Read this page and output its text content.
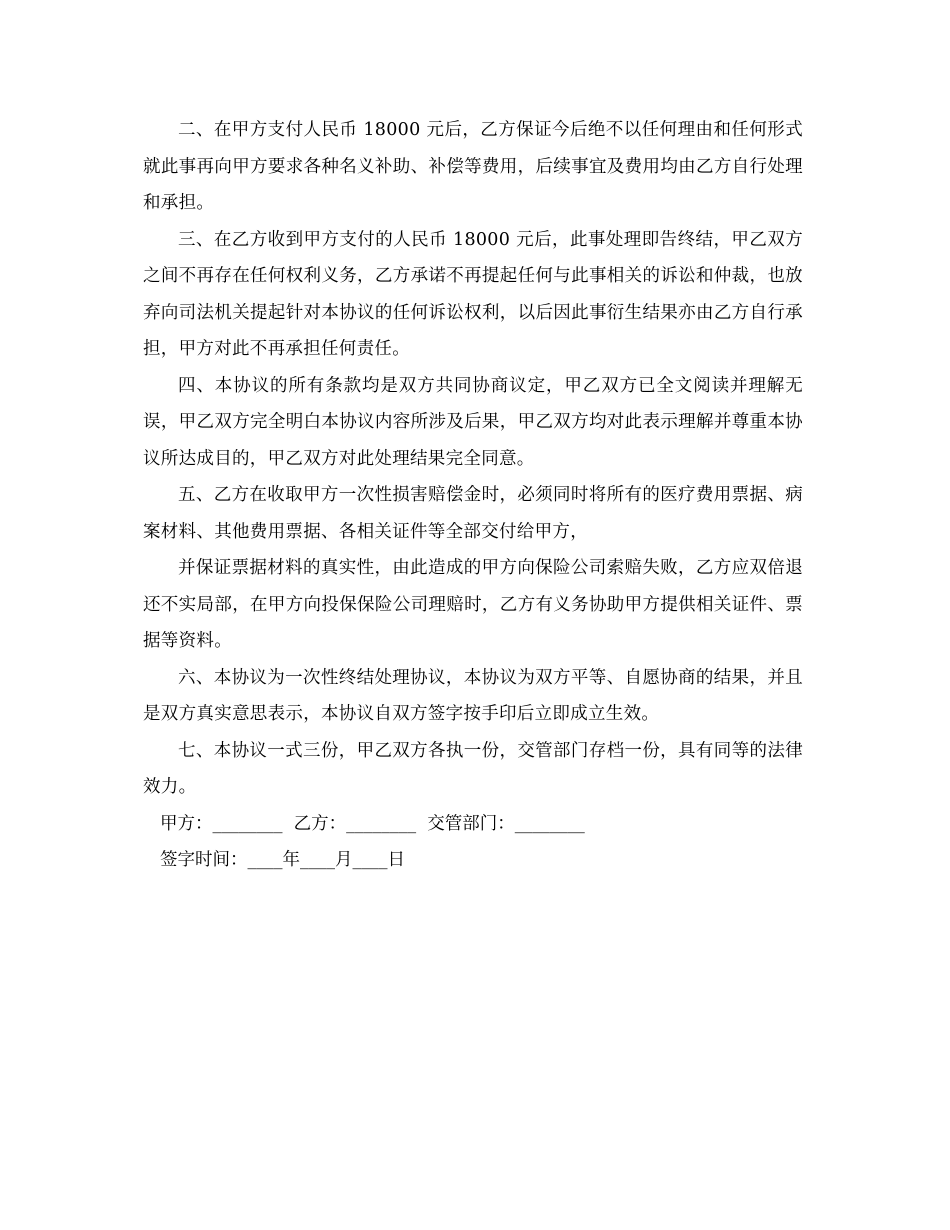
二、在甲方支付人民币 18000 元后，乙方保证今后绝不以任何理由和任何形式就此事再向甲方要求各种名义补助、补偿等费用，后续事宜及费用均由乙方自行处理和承担。

三、在乙方收到甲方支付的人民币 18000 元后，此事处理即告终结，甲乙双方之间不再存在任何权利义务，乙方承诺不再提起任何与此事相关的诉讼和仲裁，也放弃向司法机关提起针对本协议的任何诉讼权利，以后因此事衍生结果亦由乙方自行承担，甲方对此不再承担任何责任。

四、本协议的所有条款均是双方共同协商议定，甲乙双方已全文阅读并理解无误，甲乙双方完全明白本协议内容所涉及后果，甲乙双方均对此表示理解并尊重本协议所达成目的，甲乙双方对此处理结果完全同意。

五、乙方在收取甲方一次性损害赔偿金时，必须同时将所有的医疗费用票据、病案材料、其他费用票据、各相关证件等全部交付给甲方，

并保证票据材料的真实性，由此造成的甲方向保险公司索赔失败，乙方应双倍退还不实局部，在甲方向投保保险公司理赔时，乙方有义务协助甲方提供相关证件、票据等资料。

六、本协议为一次性终结处理协议，本协议为双方平等、自愿协商的结果，并且是双方真实意思表示，本协议自双方签字按手印后立即成立生效。

七、本协议一式三份，甲乙双方各执一份，交管部门存档一份，具有同等的法律效力。

甲方：________  乙方：________  交管部门：________

签字时间：____年____月____日
